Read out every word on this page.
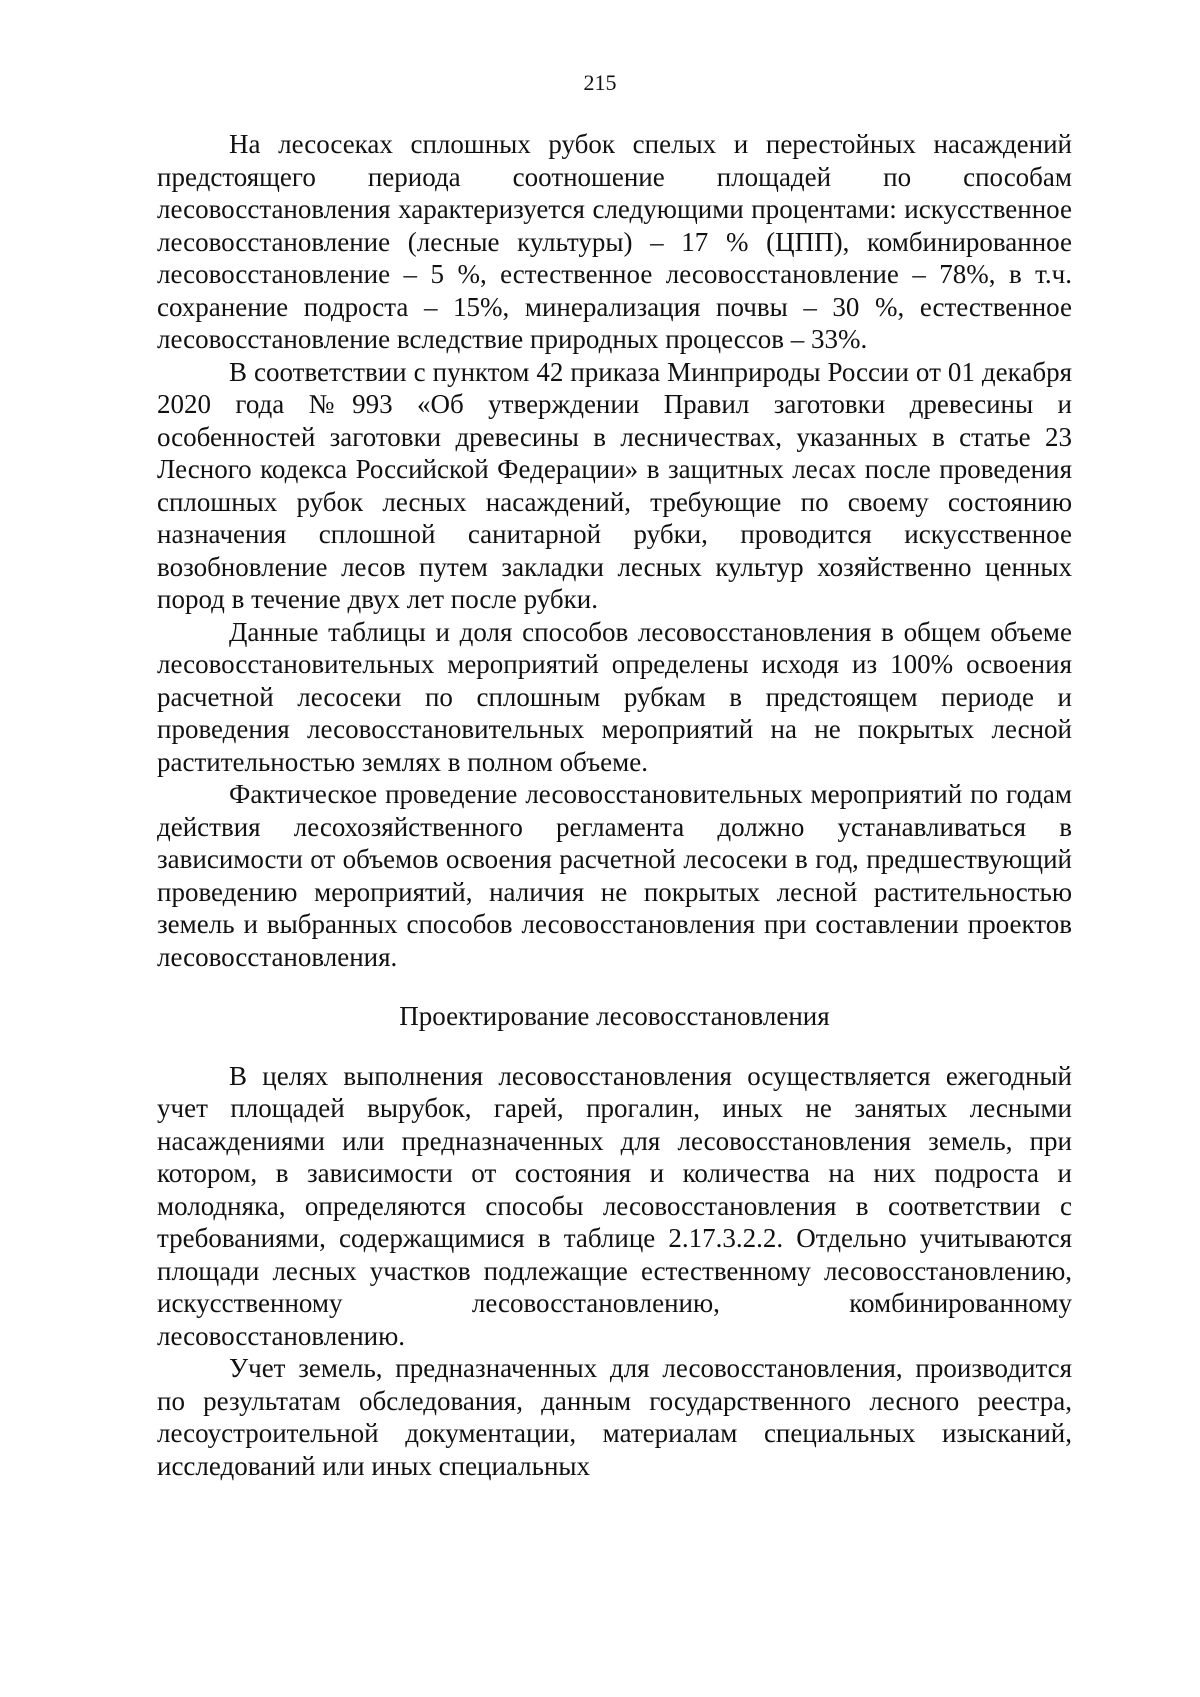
215

На лесосеках сплошных рубок спелых и перестойных насаждений предстоящего периода соотношение площадей по способам лесовосстановления характеризуется следующими процентами: искусственное лесовосстановление (лесные культуры) – 17 % (ЦПП), комбинированное лесовосстановление – 5 %, естественное лесовосстановление – 78%, в т.ч. сохранение подроста – 15%, минерализация почвы – 30 %, естественное лесовосстановление вследствие природных процессов – 33%.

В соответствии с пунктом 42 приказа Минприроды России от 01 декабря 2020 года №993 «Об утверждении Правил заготовки древесины и особенностей заготовки древесины в лесничествах, указанных в статье 23 Лесного кодекса Российской Федерации» в защитных лесах после проведения сплошных рубок лесных насаждений, требующие по своему состоянию назначения сплошной санитарной рубки, проводится искусственное возобновление лесов путем закладки лесных культур хозяйственно ценных пород в течение двух лет после рубки.

Данные таблицы и доля способов лесовосстановления в общем объеме лесовосстановительных мероприятий определены исходя из 100% освоения расчетной лесосеки по сплошным рубкам в предстоящем периоде и проведения лесовосстановительных мероприятий на не покрытых лесной растительностью землях в полном объеме.

Фактическое проведение лесовосстановительных мероприятий по годам действия лесохозяйственного регламента должно устанавливаться в зависимости от объемов освоения расчетной лесосеки в год, предшествующий проведению мероприятий, наличия не покрытых лесной растительностью земель и выбранных способов лесовосстановления при составлении проектов лесовосстановления.

Проектирование лесовосстановления

В целях выполнения лесовосстановления осуществляется ежегодный учет площадей вырубок, гарей, прогалин, иных не занятых лесными насаждениями или предназначенных для лесовосстановления земель, при котором, в зависимости от состояния и количества на них подроста и молодняка, определяются способы лесовосстановления в соответствии с требованиями, содержащимися в таблице 2.17.3.2.2. Отдельно учитываются площади лесных участков подлежащие естественному лесовосстановлению, искусственному лесовосстановлению, комбинированному лесовосстановлению.

Учет земель, предназначенных для лесовосстановления, производится по результатам обследования, данным государственного лесного реестра, лесоустроительной документации, материалам специальных изысканий, исследований или иных специальных
